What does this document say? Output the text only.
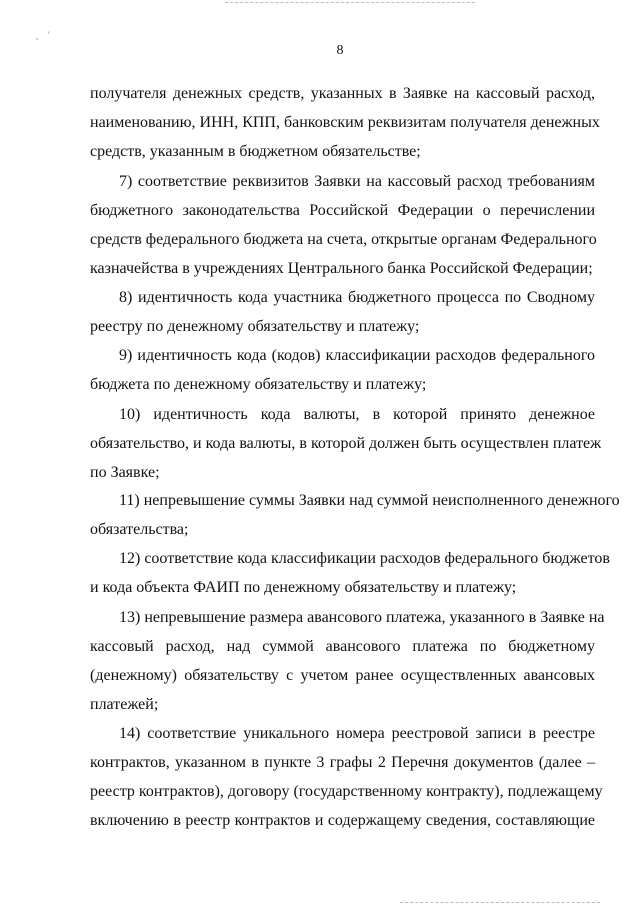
˛    ′
8
получателя денежных средств, указанных в Заявке на кассовый расход,
наименованию, ИНН, КПП, банковским реквизитам получателя денежных
средств, указанным в бюджетном обязательстве;
7) соответствие реквизитов Заявки на кассовый расход требованиям
бюджетного законодательства Российской Федерации о перечислении
средств федерального бюджета на счета, открытые органам Федерального
казначейства в учреждениях Центрального банка Российской Федерации;
8) идентичность кода участника бюджетного процесса по Сводному
реестру по денежному обязательству и платежу;
9) идентичность кода (кодов) классификации расходов федерального
бюджета по денежному обязательству и платежу;
10) идентичность кода валюты, в которой принято денежное
обязательство, и кода валюты, в которой должен быть осуществлен платеж
по Заявке;
11) непревышение суммы Заявки над суммой неисполненного денежного
обязательства;
12) соответствие кода классификации расходов федерального бюджетов
и кода объекта ФАИП по денежному обязательству и платежу;
13) непревышение размера авансового платежа, указанного в Заявке на
кассовый расход, над суммой авансового платежа по бюджетному
(денежному) обязательству с учетом ранее осуществленных авансовых
платежей;
14) соответствие уникального номера реестровой записи в реестре
контрактов, указанном в пункте 3 графы 2 Перечня документов (далее –
реестр контрактов), договору (государственному контракту), подлежащему
включению в реестр контрактов и содержащему сведения, составляющие
